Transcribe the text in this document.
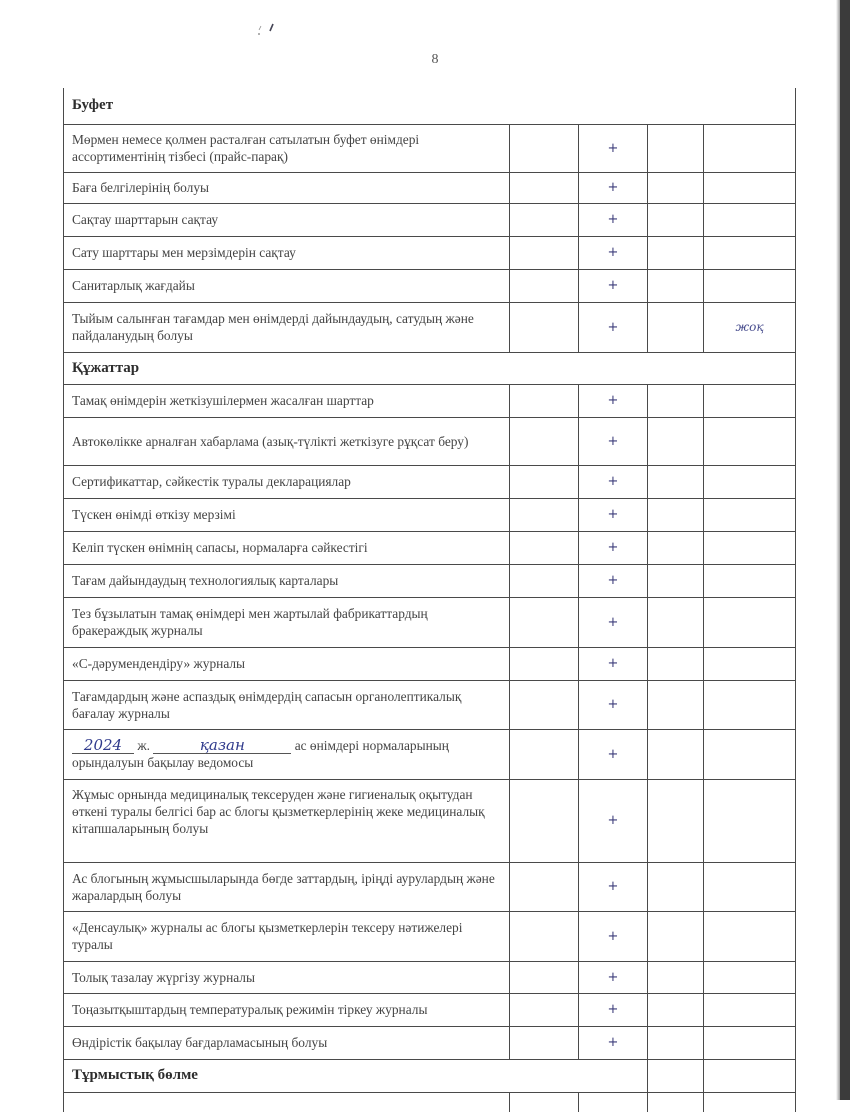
8
Буфет				
Мөрмен немесе қолмен расталған сатылатын буфет өнімдері ассортиментінің тізбесі (прайс-парақ)		+		
Баға белгілерінің болуы		+		
Сақтау шарттарын сақтау		+		
Сату шарттары мен мерзімдерін сақтау		+		
Санитарлық жағдайы		+		
Тыйым салынған тағамдар мен өнімдерді дайындаудың, сатудың және пайдаланудың болуы		+		жоқ
Құжаттар				
Тамақ өнімдерін жеткізушілермен жасалған шарттар		+		
Автокөлікке арналған хабарлама (азық-түлікті жеткізуге рұқсат беру)		+		
Сертификаттар, сәйкестік туралы декларациялар		+		
Түскен өнімді өткізу мерзімі		+		
Келіп түскен өнімнің сапасы, нормаларға сәйкестігі		+		
Тағам дайындаудың технологиялық карталары		+		
Тез бұзылатын тамақ өнімдері мен жартылай фабрикаттардың бракераждық журналы		+		
«С-дәрумендендіру» журналы		+		
Тағамдардың және аспаздық өнімдердің сапасын органолептикалық бағалау журналы		+		
2024 ж. қазан ас өнімдері нормаларының
орындалуын бақылау ведомосы		+		
Жұмыс орнында медициналық тексеруден және гигиеналық оқытудан өткені туралы белгісі бар ас блогы қызметкерлерінің жеке медициналық кітапшаларының болуы		+		
Ас блогының жұмысшыларында бөгде заттардың, іріңді аурулардың және жаралардың болуы		+		
«Денсаулық» журналы ас блогы қызметкерлерін тексеру нәтижелері туралы		+		
Толық тазалау жүргізу журналы		+		
Тоңазытқыштардың температуралық режимін тіркеу журналы		+		
Өндірістік бақылау бағдарламасының болуы		+		
Тұрмыстық бөлме				
